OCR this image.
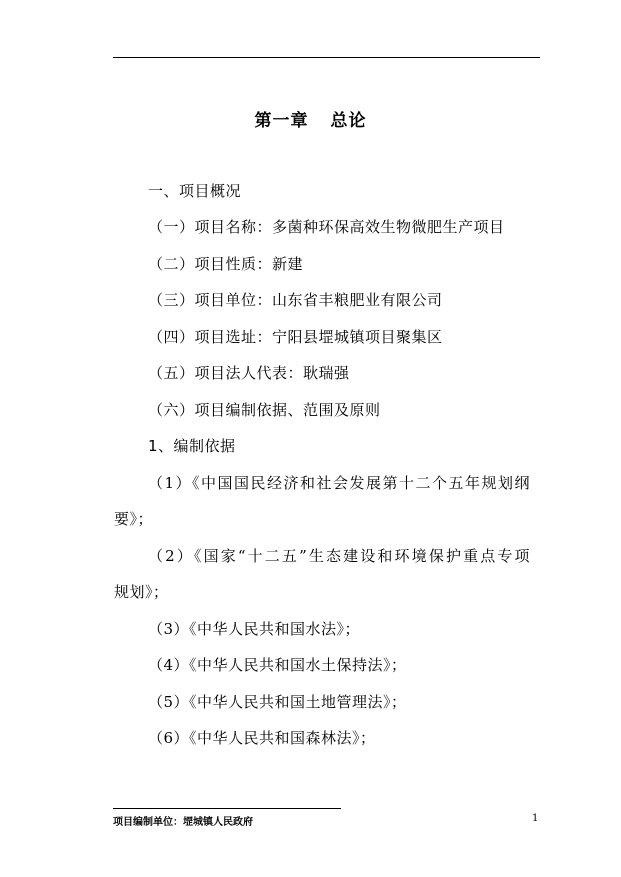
第一章 总论
一、项目概况
（一）项目名称：多菌种环保高效生物微肥生产项目
（二）项目性质：新建
（三）项目单位：山东省丰粮肥业有限公司
（四）项目选址：宁阳县堽城镇项目聚集区
（五）项目法人代表：耿瑞强
（六）项目编制依据、范围及原则
1、编制依据
（1）《中国国民经济和社会发展第十二个五年规划纲
要》；
（2）《国家“十二五”生态建设和环境保护重点专项
规划》；
（3）《中华人民共和国水法》；
（4）《中华人民共和国水土保持法》；
（5）《中华人民共和国土地管理法》；
（6）《中华人民共和国森林法》；
项目编制单位：堽城镇人民政府	1
